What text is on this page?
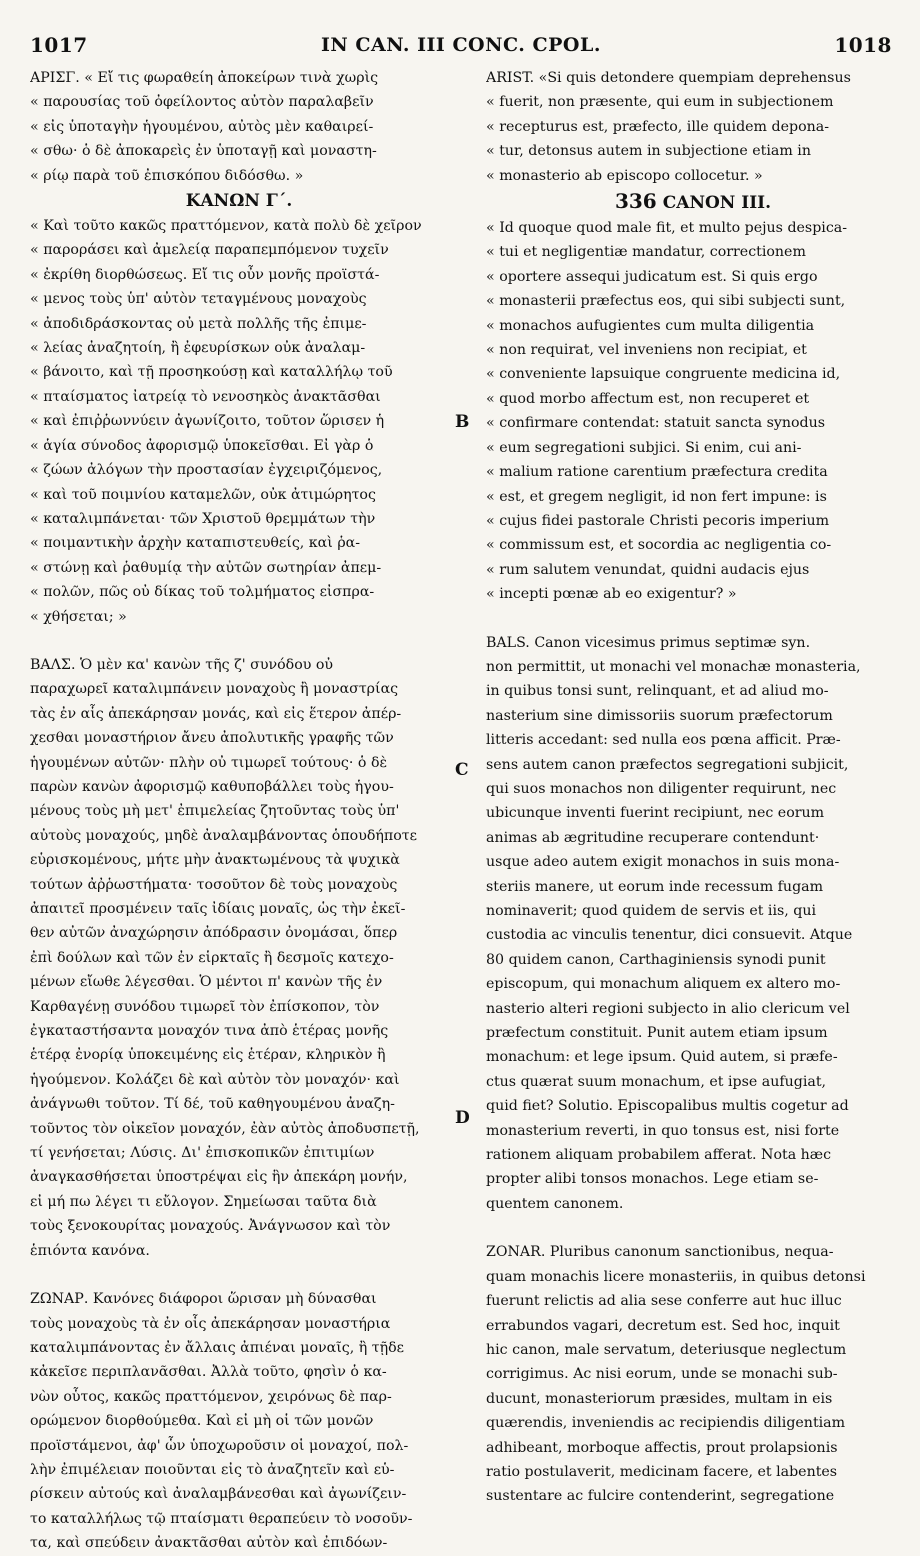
1017	IN CAN. III CONC. CPOL.	1018
ΑΡΙΣΓ. « Εἴ τις φωραθείη ἀποκείρων τινὰ χωρὶς
« παρουσίας τοῦ ὀφείλοντος αὐτὸν παραλαβεῖν
« εἰς ὑποταγὴν ἡγουμένου, αὐτὸς μὲν καθαιρεί-
« σθω· ὁ δὲ ἀποκαρεὶς ἐν ὑποταγῇ καὶ μοναστη-
« ρίῳ παρὰ τοῦ ἐπισκόπου διδόσθω. »
ΚΑΝΩΝ Γ΄.
« Καὶ τοῦτο κακῶς πραττόμενον, κατὰ πολὺ δὲ χεῖρον
« παροράσει καὶ ἀμελείᾳ παραπεμπόμενον τυχεῖν
« ἐκρίθη διορθώσεως. Εἴ τις οὖν μονῆς προϊστά-
« μενος τοὺς ὑπ' αὐτὸν τεταγμένους μοναχοὺς
« ἀποδιδράσκοντας οὐ μετὰ πολλῆς τῆς ἐπιμε-
« λείας ἀναζητοίη, ἢ ἐφευρίσκων οὐκ ἀναλαμ-
« βάνοιτο, καὶ τῇ προσηκούσῃ καὶ καταλλήλῳ τοῦ
« πταίσματος ἰατρείᾳ τὸ νενοσηκὸς ἀνακτᾶσθαι
« καὶ ἐπιῤῥωννύειν ἀγωνίζοιτο, τοῦτον ὥρισεν ἡ
« ἁγία σύνοδος ἀφορισμῷ ὑποκεῖσθαι. Εἰ γὰρ ὁ
« ζώων ἀλόγων τὴν προστασίαν ἐγχειριζόμενος,
« καὶ τοῦ ποιμνίου καταμελῶν, οὐκ ἀτιμώρητος
« καταλιμπάνεται· τῶν Χριστοῦ θρεμμάτων τὴν
« ποιμαντικὴν ἀρχὴν καταπιστευθείς, καὶ ῥα-
« στώνῃ καὶ ῥαθυμίᾳ τὴν αὐτῶν σωτηρίαν ἀπεμ-
« πολῶν, πῶς οὐ δίκας τοῦ τολμήματος εἰσπρα-
« χθήσεται; »
ΒΑΛΣ. Ὁ μὲν κα' κανὼν τῆς ζ' συνόδου οὐ
παραχωρεῖ καταλιμπάνειν μοναχοὺς ἢ μοναστρίας
τὰς ἐν αἷς ἀπεκάρησαν μονάς, καὶ εἰς ἕτερον ἀπέρ-
χεσθαι μοναστήριον ἄνευ ἀπολυτικῆς γραφῆς τῶν
ἡγουμένων αὐτῶν· πλὴν οὐ τιμωρεῖ τούτους· ὁ δὲ
παρὼν κανὼν ἀφορισμῷ καθυποβάλλει τοὺς ἡγου-
μένους τοὺς μὴ μετ' ἐπιμελείας ζητοῦντας τοὺς ὑπ'
αὐτοὺς μοναχούς, μηδὲ ἀναλαμβάνοντας ὁπουδήποτε
εὑρισκομένους, μήτε μὴν ἀνακτωμένους τὰ ψυχικὰ
τούτων ἀῤῥωστήματα· τοσοῦτον δὲ τοὺς μοναχοὺς
ἀπαιτεῖ προσμένειν ταῖς ἰδίαις μοναῖς, ὡς τὴν ἐκεῖ-
θεν αὐτῶν ἀναχώρησιν ἀπόδρασιν ὀνομάσαι, ὅπερ
ἐπὶ δούλων καὶ τῶν ἐν εἱρκταῖς ἢ δεσμοῖς κατεχο-
μένων εἴωθε λέγεσθαι. Ὁ μέντοι π' κανὼν τῆς ἐν
Καρθαγένῃ συνόδου τιμωρεῖ τὸν ἐπίσκοπον, τὸν
ἐγκαταστήσαντα μοναχόν τινα ἀπὸ ἑτέρας μονῆς
ἑτέρᾳ ἐνορίᾳ ὑποκειμένης εἰς ἑτέραν, κληρικὸν ἢ
ἡγούμενον. Κολάζει δὲ καὶ αὐτὸν τὸν μοναχόν· καὶ
ἀνάγνωθι τοῦτον. Τί δέ, τοῦ καθηγουμένου ἀναζη-
τοῦντος τὸν οἰκεῖον μοναχόν, ἐὰν αὐτὸς ἀποδυσπετῇ,
τί γενήσεται; Λύσις. Δι' ἐπισκοπικῶν ἐπιτιμίων
ἀναγκασθήσεται ὑποστρέψαι εἰς ἣν ἀπεκάρη μονήν,
εἰ μή πω λέγει τι εὔλογον. Σημείωσαι ταῦτα διὰ
τοὺς ξενοκουρίτας μοναχούς. Ἀνάγνωσον καὶ τὸν
ἑπιόντα κανόνα.
ΖΩΝΑΡ. Κανόνες διάφοροι ὥρισαν μὴ δύνασθαι
τοὺς μοναχοὺς τὰ ἐν οἷς ἀπεκάρησαν μοναστήρια
καταλιμπάνοντας ἐν ἄλλαις ἀπιέναι μοναῖς, ἢ τῇδε
κἀκεῖσε περιπλανᾶσθαι. Ἀλλὰ τοῦτο, φησὶν ὁ κα-
νὼν οὗτος, κακῶς πραττόμενον, χειρόνως δὲ παρ-
ορώμενον διορθούμεθα. Καὶ εἰ μὴ οἱ τῶν μονῶν
προϊστάμενοι, ἀφ' ὧν ὑποχωροῦσιν οἱ μοναχοί, πολ-
λὴν ἐπιμέλειαν ποιοῦνται εἰς τὸ ἀναζητεῖν καὶ εὑ-
ρίσκειν αὐτούς καὶ ἀναλαμβάνεσθαι καὶ ἀγωνίζειν-
το καταλλήλως τῷ πταίσματι θεραπεύειν τὸ νοσοῦν-
τα, καὶ σπεύδειν ἀνακτᾶσθαι αὐτὸν καὶ ἐπιδόων-
ARIST. «Si quis detondere quempiam deprehensus
« fuerit, non præsente, qui eum in subjectionem
« recepturus est, præfecto, ille quidem depona-
« tur, detonsus autem in subjectione etiam in
« monasterio ab episcopo collocetur. »
336 CANON III.
« Id quoque quod male fit, et multo pejus despica-
« tui et negligentiæ mandatur, correctionem
« oportere assequi judicatum est. Si quis ergo
« monasterii præfectus eos, qui sibi subjecti sunt,
« monachos aufugientes cum multa diligentia
« non requirat, vel inveniens non recipiat, et
« conveniente lapsuique congruente medicina id,
« quod morbo affectum est, non recuperet et
« confirmare contendat: statuit sancta synodus
« eum segregationi subjici. Si enim, cui ani-
« malium ratione carentium præfectura credita
« est, et gregem negligit, id non fert impune: is
« cujus fidei pastorale Christi pecoris imperium
« commissum est, et socordia ac negligentia co-
« rum salutem venundat, quidni audacis ejus
« incepti pœnæ ab eo exigentur? »
BALS. Canon vicesimus primus septimæ syn.
non permittit, ut monachi vel monachæ monasteria,
in quibus tonsi sunt, relinquant, et ad aliud mo-
nasterium sine dimissoriis suorum præfectorum
litteris accedant: sed nulla eos pœna afficit. Præ-
sens autem canon præfectos segregationi subjicit,
qui suos monachos non diligenter requirunt, nec
ubicunque inventi fuerint recipiunt, nec eorum
animas ab ægritudine recuperare contendunt·
usque adeo autem exigit monachos in suis mona-
steriis manere, ut eorum inde recessum fugam
nominaverit; quod quidem de servis et iis, qui
custodia ac vinculis tenentur, dici consuevit. Atque
80 quidem canon, Carthaginiensis synodi punit
episcopum, qui monachum aliquem ex altero mo-
nasterio alteri regioni subjecto in alio clericum vel
præfectum constituit. Punit autem etiam ipsum
monachum: et lege ipsum. Quid autem, si præfe-
ctus quærat suum monachum, et ipse aufugiat,
quid fiet? Solutio. Episcopalibus multis cogetur ad
monasterium reverti, in quo tonsus est, nisi forte
rationem aliquam probabilem afferat. Nota hæc
propter alibi tonsos monachos. Lege etiam se-
quentem canonem.
ZONAR. Pluribus canonum sanctionibus, nequa-
quam monachis licere monasteriis, in quibus detonsi
fuerunt relictis ad alia sese conferre aut huc illuc
errabundos vagari, decretum est. Sed hoc, inquit
hic canon, male servatum, deteriusque neglectum
corrigimus. Ac nisi eorum, unde se monachi sub-
ducunt, monasteriorum præsides, multam in eis
quærendis, inveniendis ac recipiendis diligentiam
adhibeant, morboque affectis, prout prolapsionis
ratio postulaverit, medicinam facere, et labentes
sustentare ac fulcire contenderint, segregatione
B
C
D
